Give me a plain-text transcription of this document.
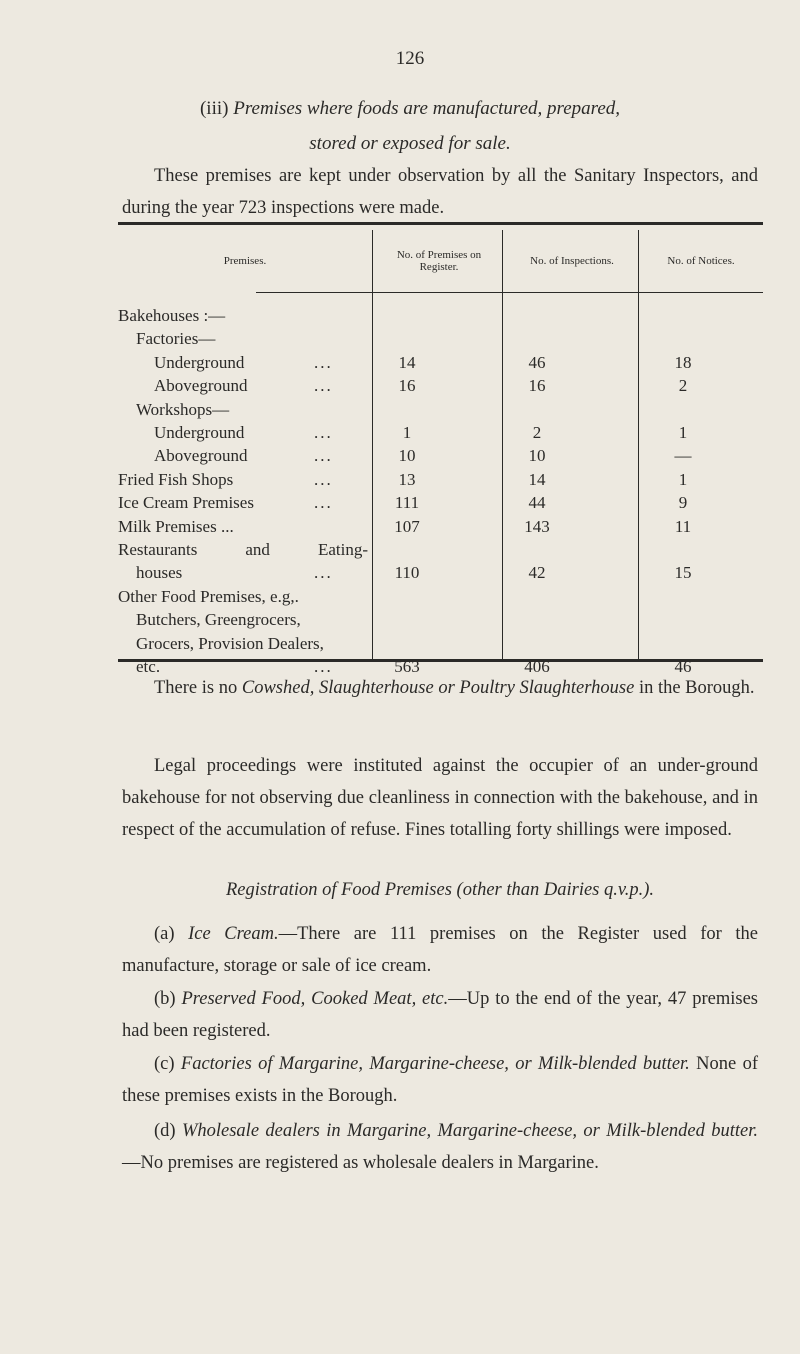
126
(iii) Premises where foods are manufactured, prepared,
stored or exposed for sale.
These premises are kept under observation by all the Sanitary Inspectors, and during the year 723 inspections were made.
Premises.	No. of Premises on Register.	No. of Inspections.	No. of Notices.
Bakehouses :—
Factories—
Underground	...	14	46	18
Aboveground	...	16	16	2
Workshops—
Underground	...	1	2	1
Aboveground	...	10	10	—
Fried Fish Shops	...	13	14	1
Ice Cream Premises	...	111	44	9
Milk Premises ...	107	143	11
Restaurants	and	Eating-
houses	...	110	42	15
Other Food Premises, e.g,.
Butchers, Greengrocers,
Grocers, Provision Dealers,
etc.	...	563	406	46
There is no Cowshed, Slaughterhouse or Poultry Slaughterhouse in the Borough.
Legal proceedings were instituted against the occupier of an under-ground bakehouse for not observing due cleanliness in connection with the bakehouse, and in respect of the accumulation of refuse. Fines totalling forty shillings were imposed.
Registration of Food Premises (other than Dairies q.v.p.).
(a) Ice Cream.—There are 111 premises on the Register used for the manufacture, storage or sale of ice cream.
(b) Preserved Food, Cooked Meat, etc.—Up to the end of the year, 47 premises had been registered.
(c) Factories of Margarine, Margarine-cheese, or Milk-blended butter. None of these premises exists in the Borough.
(d) Wholesale dealers in Margarine, Margarine-cheese, or Milk-blended butter.—No premises are registered as wholesale dealers in Margarine.
